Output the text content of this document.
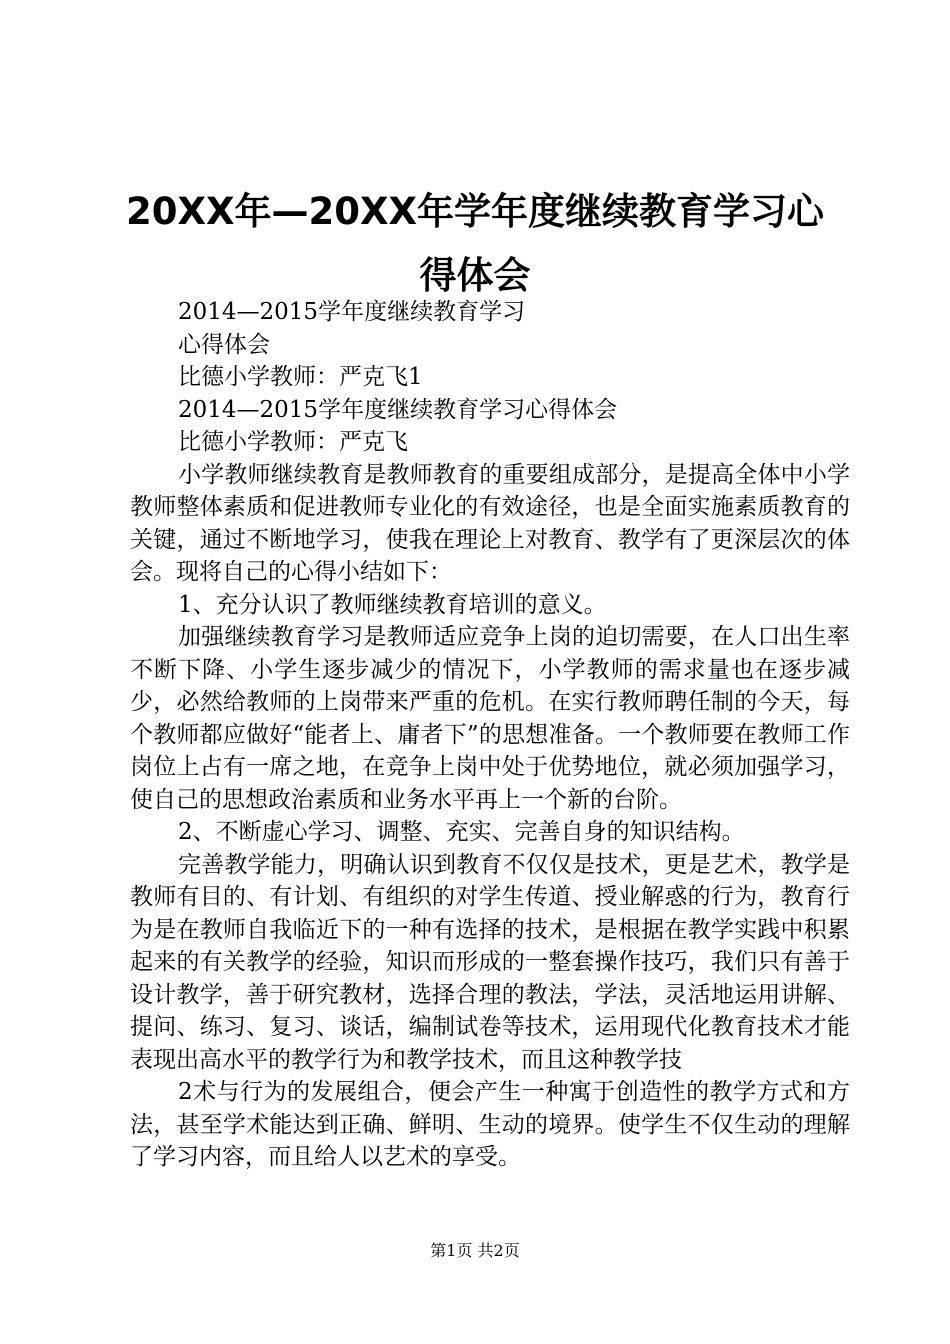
20XX年—20XX年学年度继续教育学习心得体会

2014—2015学年度继续教育学习

心得体会

比德小学教师：严克飞1

2014—2015学年度继续教育学习心得体会

比德小学教师：严克飞

小学教师继续教育是教师教育的重要组成部分，是提高全体中小学教师整体素质和促进教师专业化的有效途径，也是全面实施素质教育的关键，通过不断地学习，使我在理论上对教育、教学有了更深层次的体会。现将自己的心得小结如下：

1、充分认识了教师继续教育培训的意义。

加强继续教育学习是教师适应竞争上岗的迫切需要，在人口出生率不断下降、小学生逐步减少的情况下，小学教师的需求量也在逐步减少，必然给教师的上岗带来严重的危机。在实行教师聘任制的今天，每个教师都应做好“能者上、庸者下”的思想准备。一个教师要在教师工作岗位上占有一席之地，在竞争上岗中处于优势地位，就必须加强学习，使自己的思想政治素质和业务水平再上一个新的台阶。

2、不断虚心学习、调整、充实、完善自身的知识结构。

完善教学能力，明确认识到教育不仅仅是技术，更是艺术，教学是教师有目的、有计划、有组织的对学生传道、授业解惑的行为，教育行为是在教师自我临近下的一种有选择的技术，是根据在教学实践中积累起来的有关教学的经验，知识而形成的一整套操作技巧，我们只有善于设计教学，善于研究教材，选择合理的教法，学法，灵活地运用讲解、提问、练习、复习、谈话，编制试卷等技术，运用现代化教育技术才能表现出高水平的教学行为和教学技术，而且这种教学技

2术与行为的发展组合，便会产生一种寓于创造性的教学方式和方法，甚至学术能达到正确、鲜明、生动的境界。使学生不仅生动的理解了学习内容，而且给人以艺术的享受。

第1页 共2页
